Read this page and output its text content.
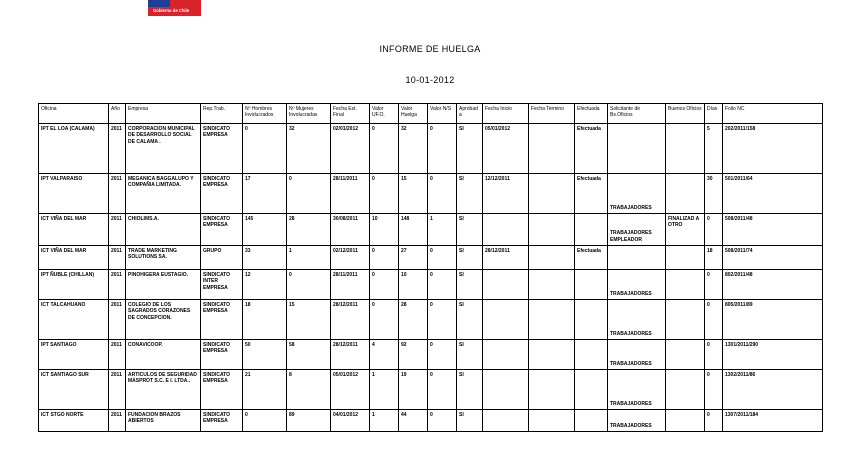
Gobierno de Chile
INFORME DE HUELGA
10-01-2012
Oficina	Año	Empresa	Rep.Trab.	Nº Hombres Involucrados	Nº Mujeres Involucradas	Fecha Est. Final	Valor UF.O.	Valor Huelga	Valor N/S	Aprobada	Fecha Inicio	Fecha Termino	Efectuada	Solicitante de Bs.Oficios	Buenos Oficios	Días	Folio NC
IPT EL LOA (CALAMA)	2011	CORPORACION MUNICIPAL DE DESARROLLO SOCIAL DE CALAMA .	SINDICATO EMPRESA	0	32	02/01/2012	0	32	0	SI	05/01/2012		Efectuada			5	202/2011/158
IPT VALPARAISO	2011	MEGANICA BAGGALUPO Y COMPAÑIA LIMITADA.	SINDICATO EMPRESA	17	0	28/11/2011	0	15	0	SI	12/12/2011		Efectuada	TRABAJADORES		30	501/2011/64
ICT VIÑA DEL MAR	2011	CHIOLIMS.A.	SINDICATO EMPRESA	145	28	30/08/2011	10	148	1	SI				TRABAJADORES EMPLEADOR	FINALIZAD A OTRO	0	508/2011/48
ICT VIÑA DEL MAR	2011	TRADE MARKETING SOLUTIONS SA.	GRUPO	33	1	02/12/2011	0	27	0	SI	28/12/2011		Efectuada			18	508/2011/74
IPT ÑUBLE (CHILLAN)	2011	PINOHIGERA EUSTAGIO.	SINDICATO INTER EMPRESA	12	0	28/11/2011	0	10	0	SI				TRABAJADORES		0	802/2011/48
ICT TALCAHUANO	2011	COLEGIO DE LOS SAGRADOS CORAZONES DE CONCEPCION.	SINDICATO EMPRESA	18	15	28/12/2011	0	28	0	SI				TRABAJADORES		0	805/2011/89
IPT SANTIAGO	2011	CONAVICOOP.	SINDICATO EMPRESA	50	58	28/12/2011	4	92	0	SI				TRABAJADORES		0	1301/2011/290
ICT SANTIAGO SUR	2011	ARTICULOS DE SEGURIDAD MASPROT S.C. E I. LTDA..	SINDICATO EMPRESA	21	8	05/01/2012	1	19	0	SI				TRABAJADORES		0	1302/2011/86
ICT STGO NORTE	2011	FUNDACION BRAZOS ABIERTOS	SINDICATO EMPRESA	0	89	04/01/2012	1	44	0	SI				TRABAJADORES		0	1307/2011/184
